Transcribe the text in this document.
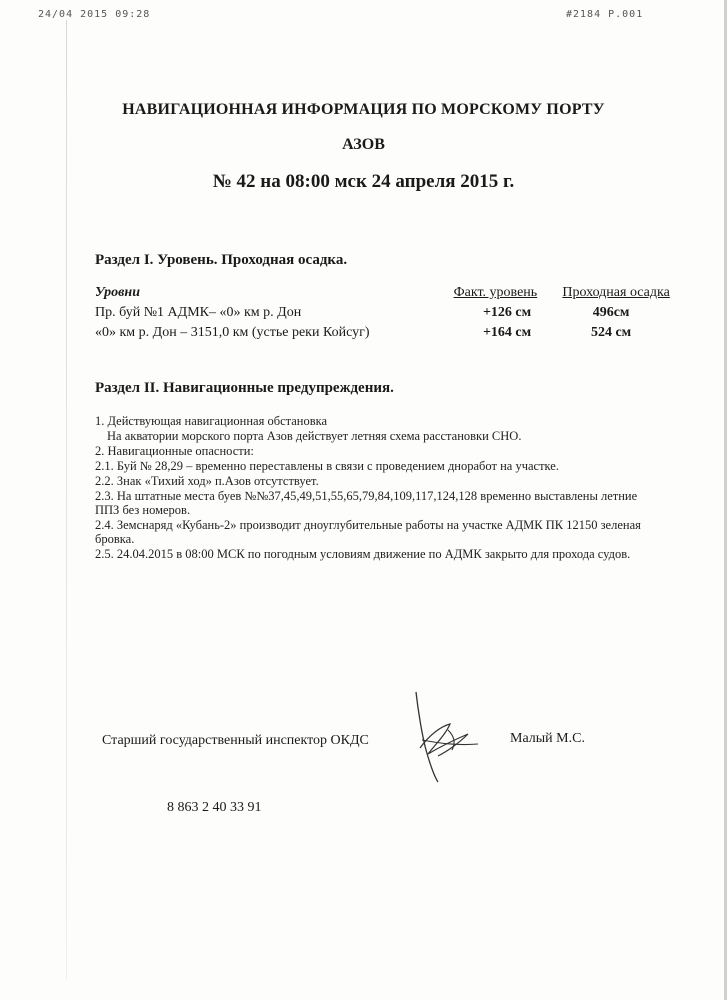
24/04 2015 09:28	#2184 P.001
НАВИГАЦИОННАЯ ИНФОРМАЦИЯ ПО МОРСКОМУ ПОРТУ
АЗОВ
№ 42 на 08:00 мск 24 апреля 2015 г.
Раздел I. Уровень. Проходная осадка.
Уровни	Факт. уровень	Проходная осадка
Пр. буй №1 АДМК– «0» км р. Дон	+126 см	496см
«0» км р. Дон – 3151,0 км (устье реки Койсуг)	+164 см	524 см
Раздел II. Навигационные предупреждения.
1. Действующая навигационная обстановка
На акватории морского порта Азов действует летняя схема расстановки СНО.
2. Навигационные опасности:
2.1. Буй № 28,29 – временно переставлены в связи с проведением дноработ на участке.
2.2. Знак «Тихий ход» п.Азов отсутствует.
2.3. На штатные места буев №№37,45,49,51,55,65,79,84,109,117,124,128 временно выставлены летние ППЗ без номеров.
2.4. Земснаряд «Кубань-2» производит дноуглубительные работы на участке АДМК ПК 12150 зеленая бровка.
2.5. 24.04.2015 в 08:00 МСК по погодным условиям движение по АДМК закрыто для прохода судов.

Старший государственный инспектор ОКДС	Малый М.С.

8 863 2 40 33 91
